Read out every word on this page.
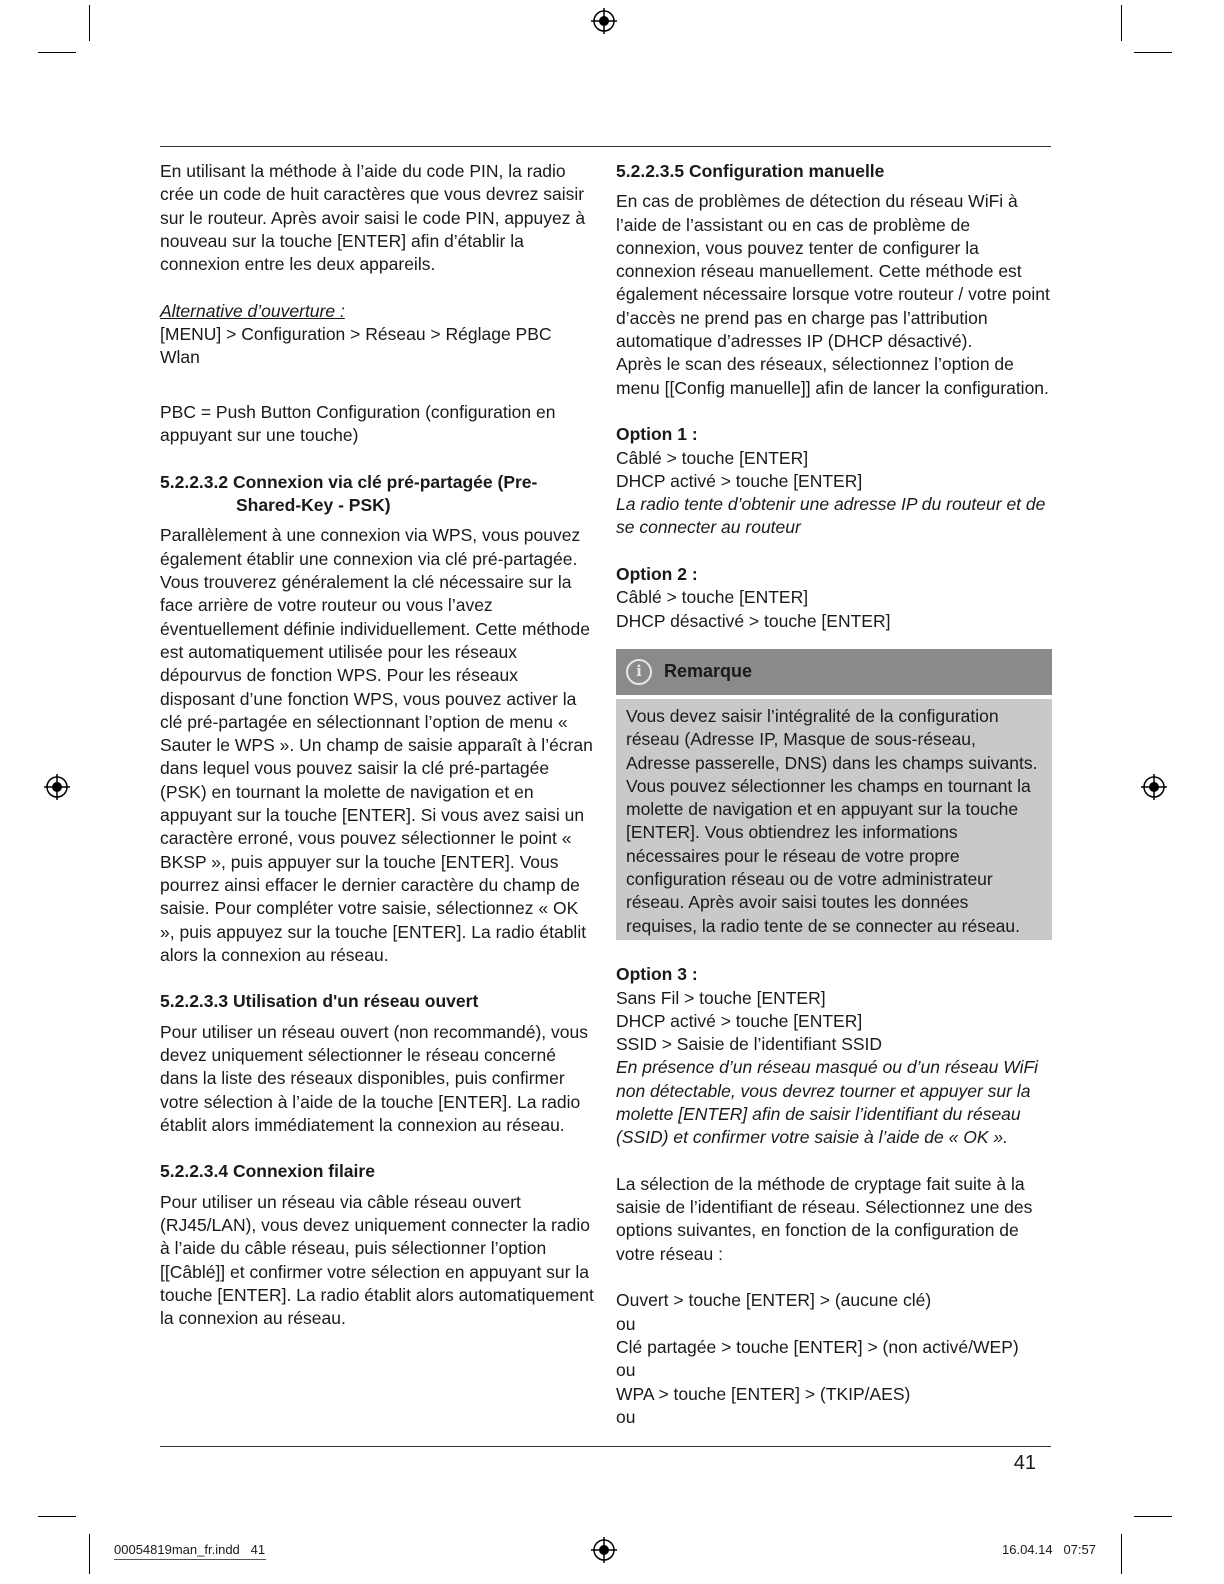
En utilisant la méthode à l’aide du code PIN, la radio crée un code de huit caractères que vous devrez saisir sur le routeur. Après avoir saisi le code PIN, appuyez à nouveau sur la touche [ENTER] afin d’établir la connexion entre les deux appareils.

Alternative d’ouverture :

[MENU] > Configuration > Réseau > Réglage PBC Wlan

PBC = Push Button Configuration (configuration en appuyant sur une touche)

5.2.2.3.2 Connexion via clé pré-partagée (Pre-Shared-Key - PSK)

Parallèlement à une connexion via WPS, vous pouvez également établir une connexion via clé pré-partagée. Vous trouverez généralement la clé nécessaire sur la face arrière de votre routeur ou vous l’avez éventuellement définie individuellement. Cette méthode est automatiquement utilisée pour les réseaux dépourvus de fonction WPS. Pour les réseaux disposant d’une fonction WPS, vous pouvez activer la clé pré-partagée en sélectionnant l’option de menu « Sauter le WPS ». Un champ de saisie apparaît à l’écran dans lequel vous pouvez saisir la clé pré-partagée (PSK) en tournant la molette de navigation et en appuyant sur la touche [ENTER]. Si vous avez saisi un caractère erroné, vous pouvez sélectionner le point « BKSP », puis appuyer sur la touche [ENTER]. Vous pourrez ainsi effacer le dernier caractère du champ de saisie. Pour compléter votre saisie, sélectionnez « OK », puis appuyez sur la touche [ENTER]. La radio établit alors la connexion au réseau.

5.2.2.3.3 Utilisation d'un réseau ouvert

Pour utiliser un réseau ouvert (non recommandé), vous devez uniquement sélectionner le réseau concerné dans la liste des réseaux disponibles, puis confirmer votre sélection à l’aide de la touche [ENTER]. La radio établit alors immédiatement la connexion au réseau.

5.2.2.3.4 Connexion filaire

Pour utiliser un réseau via câble réseau ouvert (RJ45/LAN), vous devez uniquement connecter la radio à l’aide du câble réseau, puis sélectionner l’option [[Câblé]] et confirmer votre sélection en appuyant sur la touche [ENTER]. La radio établit alors automatiquement la connexion au réseau.

5.2.2.3.5 Configuration manuelle

En cas de problèmes de détection du réseau WiFi à l’aide de l’assistant ou en cas de problème de connexion, vous pouvez tenter de configurer la connexion réseau manuellement. Cette méthode est également nécessaire lorsque votre routeur / votre point d’accès ne prend pas en charge pas l’attribution automatique d’adresses IP (DHCP désactivé).

Après le scan des réseaux, sélectionnez l’option de menu [[Config manuelle]] afin de lancer la configuration.

Option 1 :

Câblé > touche [ENTER]

DHCP activé > touche [ENTER]

La radio tente d’obtenir une adresse IP du routeur et de se connecter au routeur

Option 2 :

Câblé > touche [ENTER]

DHCP désactivé > touche [ENTER]

i	Remarque

Vous devez saisir l’intégralité de la configuration réseau (Adresse IP, Masque de sous-réseau, Adresse passerelle, DNS) dans les champs suivants. Vous pouvez sélectionner les champs en tournant la molette de navigation et en appuyant sur la touche [ENTER]. Vous obtiendrez les informations nécessaires pour le réseau de votre propre configuration réseau ou de votre administrateur réseau. Après avoir saisi toutes les données requises, la radio tente de se connecter au réseau.

Option 3 :

Sans Fil > touche [ENTER]

DHCP activé > touche [ENTER]

SSID > Saisie de l’identifiant SSID

En présence d’un réseau masqué ou d’un réseau WiFi non détectable, vous devrez tourner et appuyer sur la molette [ENTER] afin de saisir l’identifiant du réseau (SSID) et confirmer votre saisie à l’aide de « OK ».

La sélection de la méthode de cryptage fait suite à la saisie de l’identifiant de réseau. Sélectionnez une des options suivantes, en fonction de la configuration de votre réseau :

Ouvert > touche [ENTER] > (aucune clé)

ou

Clé partagée > touche [ENTER] > (non activé/WEP)

ou

WPA > touche [ENTER] > (TKIP/AES)

ou

41
00054819man_fr.indd   41	16.04.14   07:57
